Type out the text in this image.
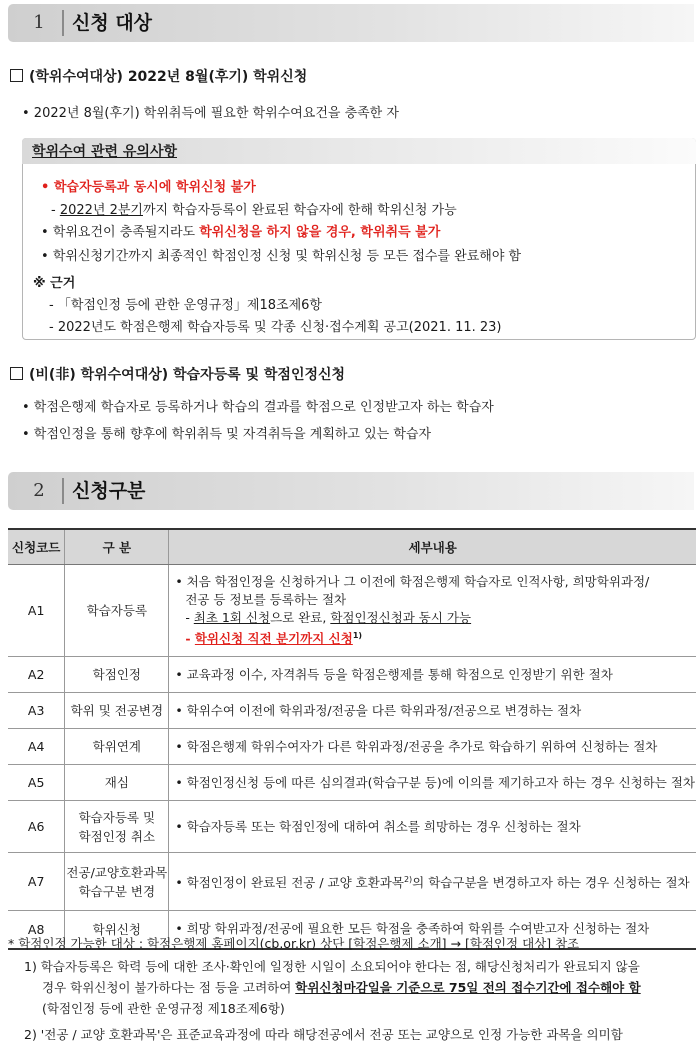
1	신청 대상
(학위수여대상) 2022년 8월(후기) 학위신청
• 2022년 8월(후기) 학위취득에 필요한 학위수여요건을 충족한 자
학위수여 관련 유의사항
• 학습자등록과 동시에 학위신청 불가
- 2022년 2분기까지 학습자등록이 완료된 학습자에 한해 학위신청 가능
• 학위요건이 충족될지라도 학위신청을 하지 않을 경우, 학위취득 불가
• 학위신청기간까지 최종적인 학점인정 신청 및 학위신청 등 모든 접수를 완료해야 함
※ 근거
- 「학점인정 등에 관한 운영규정」제18조제6항
- 2022년도 학점은행제 학습자등록 및 각종 신청·접수계획 공고(2021. 11. 23)
(비(非) 학위수여대상) 학습자등록 및 학점인정신청
• 학점은행제 학습자로 등록하거나 학습의 결과를 학점으로 인정받고자 하는 학습자
• 학점인정을 통해 향후에 학위취득 및 자격취득을 계획하고 있는 학습자
2	신청구분
신청코드	구 분	세부내용
A1	학습자등록	• 처음 학점인정을 신청하거나 그 이전에 학점은행제 학습자로 인적사항, 희망학위과정/
전공 등 정보를 등록하는 절차
- 최초 1회 신청으로 완료, 학점인정신청과 동시 가능
- 학위신청 직전 분기까지 신청$^{1)}$

A2	학점인정	• 교육과정 이수, 자격취득 등을 학점은행제를 통해 학점으로 인정받기 위한 절차
A3	학위 및 전공변경	• 학위수여 이전에 학위과정/전공을 다른 학위과정/전공으로 변경하는 절차
A4	학위연계	• 학점은행제 학위수여자가 다른 학위과정/전공을 추가로 학습하기 위하여 신청하는 절차
A5	재심	• 학점인정신청 등에 따른 심의결과(학습구분 등)에 이의를 제기하고자 하는 경우 신청하는 절차
A6	학습자등록 및
학점인정 취소	• 학습자등록 또는 학점인정에 대하여 취소를 희망하는 경우 신청하는 절차
A7	전공/교양호환과목
학습구분 변경	• 학점인정이 완료된 전공 / 교양 호환과목$^{2)}$의 학습구분을 변경하고자 하는 경우 신청하는 절차
A8	학위신청	• 희망 학위과정/전공에 필요한 모든 학점을 충족하여 학위를 수여받고자 신청하는 절차
* 학점인정 가능한 대상 : 학점은행제 홈페이지(cb.or.kr) 상단 [학점은행제 소개] → [학점인정 대상] 참조
1) 학습자등록은 학력 등에 대한 조사·확인에 일정한 시일이 소요되어야 한다는 점, 해당신청처리가 완료되지 않을
경우 학위신청이 불가하다는 점 등을 고려하여 학위신청마감일을 기준으로 75일 전의 접수기간에 접수해야 함
(학점인정 등에 관한 운영규정 제18조제6항)
2) '전공 / 교양 호환과목'은 표준교육과정에 따라 해당전공에서 전공 또는 교양으로 인정 가능한 과목을 의미함
